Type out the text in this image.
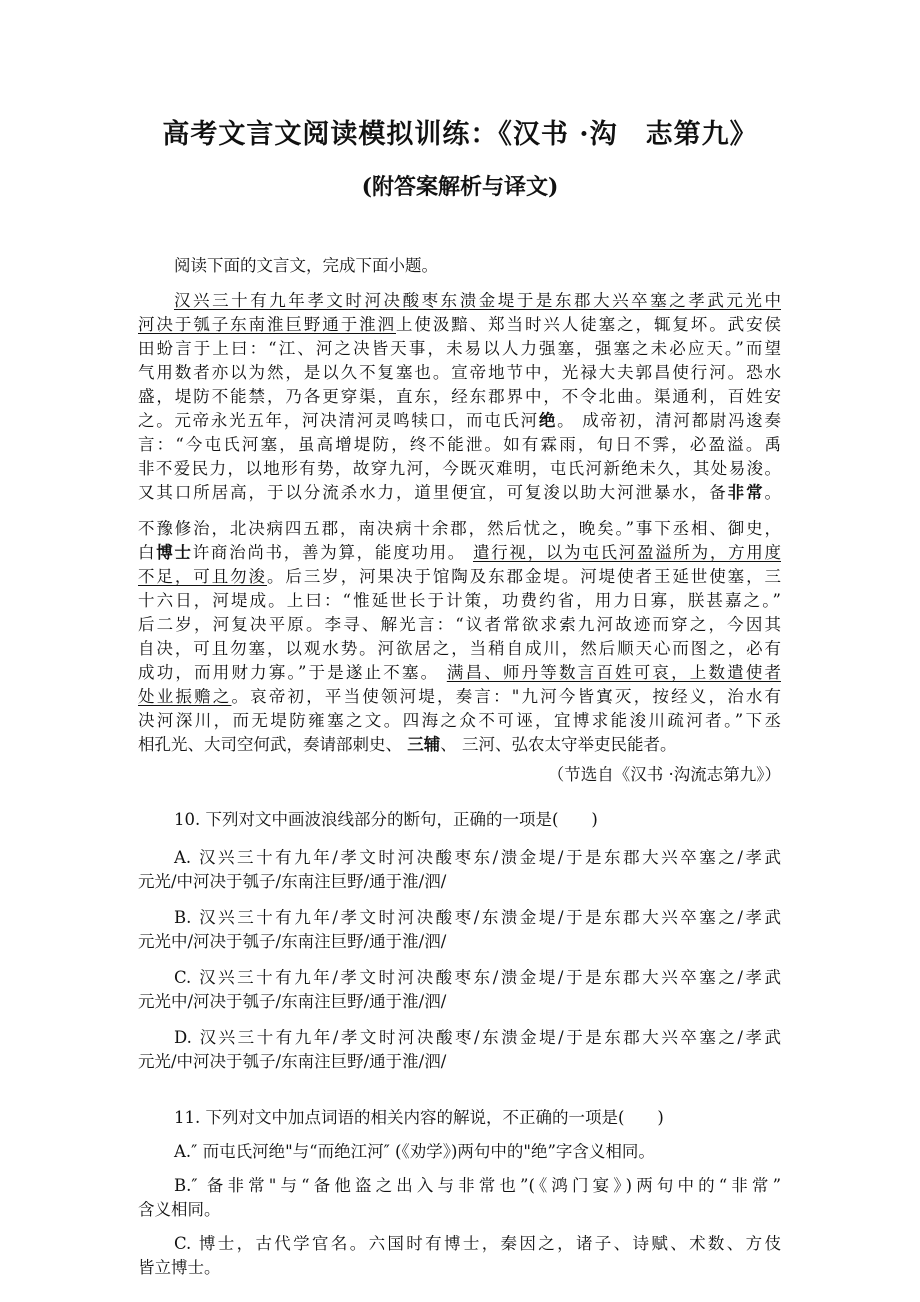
高考文言文阅读模拟训练：《汉书 ·沟　志第九》
(附答案解析与译文)
阅读下面的文言文，完成下面小题。
汉兴三十有九年孝文时河决酸枣东溃金堤于是东郡大兴卒塞之孝武元光中
河决于瓠子东南淮巨野通于淮泗上使汲黯、郑当时兴人徒塞之，辄复坏。武安侯
田蚡言于上曰：“江、河之决皆天事，未易以人力强塞，强塞之未必应天。”而望
气用数者亦以为然，是以久不复塞也。宣帝地节中，光禄大夫郭昌使行河。恐水
盛，堤防不能禁，乃各更穿渠，直东，经东郡界中，不令北曲。渠通利，百姓安
之。元帝永光五年，河决清河灵鸣犊口，而屯氏河绝。 成帝初，清河都尉冯逡奏
言：“今屯氏河塞，虽高增堤防，终不能泄。如有霖雨，旬日不霁，必盈溢。禹
非不爱民力，以地形有势，故穿九河，今既灭难明，屯氏河新绝未久，其处易浚。
又其口所居高，于以分流杀水力，道里便宜，可复浚以助大河泄暴水，备非常。
不豫修治，北决病四五郡，南决病十余郡，然后忧之，晚矣。”事下丞相、御史，
白博士许商治尚书，善为算，能度功用。 遣行视，以为屯氏河盈溢所为，方用度
不足，可且勿浚。后三岁，河果决于馆陶及东郡金堤。河堤使者王延世使塞，三
十六日，河堤成。上曰：“惟延世长于计策，功费约省，用力日寡，朕甚嘉之。”
后二岁，河复决平原。李寻、解光言：“议者常欲求索九河故迹而穿之，今因其
自决，可且勿塞，以观水势。河欲居之，当稍自成川，然后顺天心而图之，必有
成功，而用财力寡。”于是遂止不塞。 满昌、师丹等数言百姓可哀，上数遣使者
处业振赡之。哀帝初，平当使领河堤，奏言："九河今皆寘灭，按经义，治水有
决河深川，而无堤防雍塞之文。四海之众不可诬，宜博求能浚川疏河者。”下丞
相孔光、大司空何武，奏请部刺史、 三辅、 三河、弘农太守举吏民能者。
（节选自《汉书 ·沟流志第九》）
10. 下列对文中画波浪线部分的断句，正确的一项是(　　)
A. 汉兴三十有九年/孝文时河决酸枣东/溃金堤/于是东郡大兴卒塞之/孝武
元光/中河决于瓠子/东南注巨野/通于淮/泗/
B. 汉兴三十有九年/孝文时河决酸枣/东溃金堤/于是东郡大兴卒塞之/孝武
元光中/河决于瓠子/东南注巨野/通于淮/泗/
C. 汉兴三十有九年/孝文时河决酸枣东/溃金堤/于是东郡大兴卒塞之/孝武
元光中/河决于瓠子/东南注巨野/通于淮/泗/
D. 汉兴三十有九年/孝文时河决酸枣/东溃金堤/于是东郡大兴卒塞之/孝武
元光/中河决于瓠子/东南注巨野/通于淮/泗/
11. 下列对文中加点词语的相关内容的解说，不正确的一项是(　　)
A.″ 而屯氏河绝"与“而绝江河″ (《劝学》)两句中的"绝”字含义相同。
B.″ 备非常"与“备他盗之出入与非常也”(《鸿门宴》)两句中的“非常”
含义相同。
C. 博士，古代学官名。六国时有博士，秦因之，诸子、诗赋、术数、方伎
皆立博士。
